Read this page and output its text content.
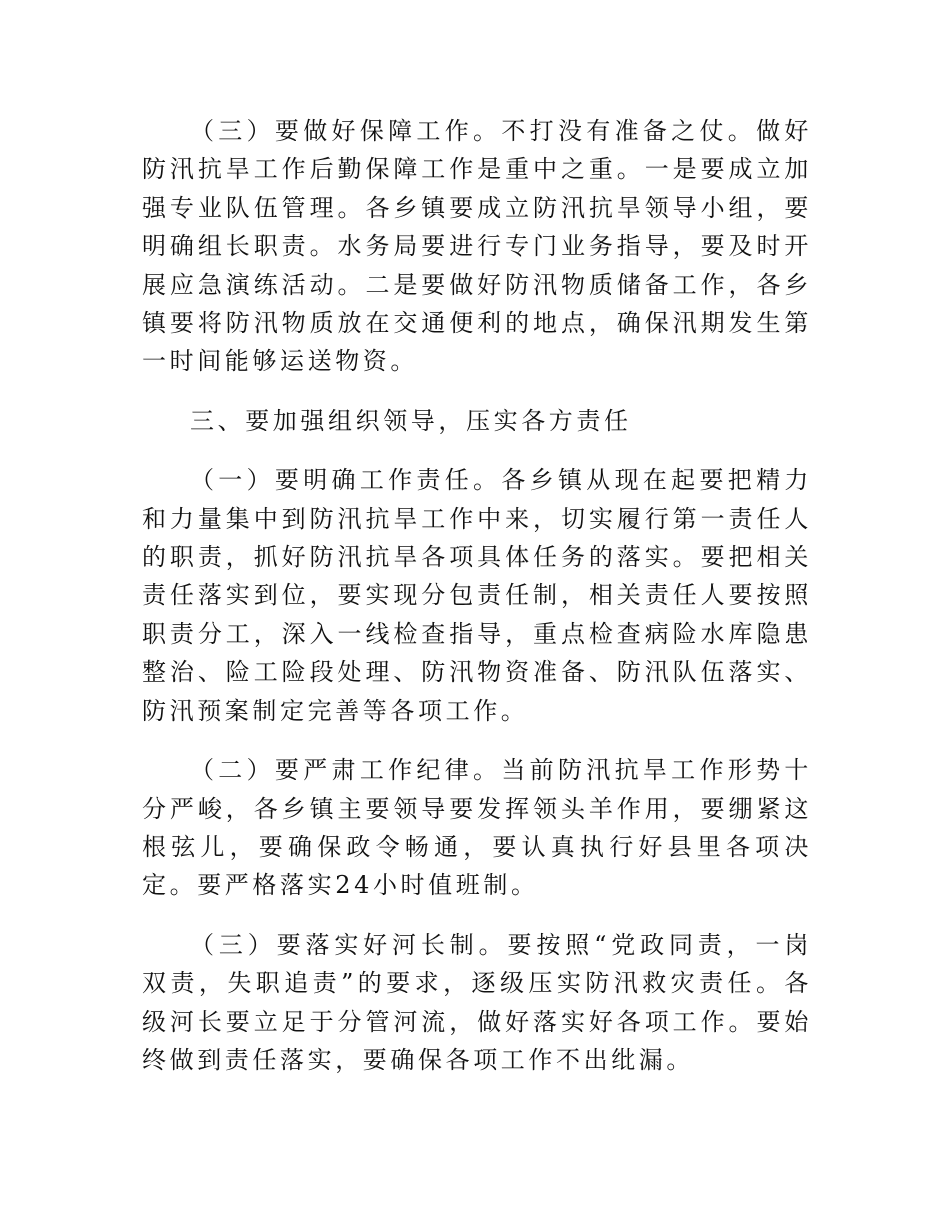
（三）要做好保障工作。不打没有准备之仗。做好防汛抗旱工作后勤保障工作是重中之重。一是要成立加强专业队伍管理。各乡镇要成立防汛抗旱领导小组，要明确组长职责。水务局要进行专门业务指导，要及时开展应急演练活动。二是要做好防汛物质储备工作，各乡镇要将防汛物质放在交通便利的地点，确保汛期发生第一时间能够运送物资。

三、要加强组织领导，压实各方责任

（一）要明确工作责任。各乡镇从现在起要把精力和力量集中到防汛抗旱工作中来，切实履行第一责任人的职责，抓好防汛抗旱各项具体任务的落实。要把相关责任落实到位，要实现分包责任制，相关责任人要按照职责分工，深入一线检查指导，重点检查病险水库隐患整治、险工险段处理、防汛物资准备、防汛队伍落实、防汛预案制定完善等各项工作。

（二）要严肃工作纪律。当前防汛抗旱工作形势十分严峻，各乡镇主要领导要发挥领头羊作用，要绷紧这根弦儿，要确保政令畅通，要认真执行好县里各项决定。要严格落实24小时值班制。

（三）要落实好河长制。要按照“党政同责，一岗双责，失职追责”的要求，逐级压实防汛救灾责任。各级河长要立足于分管河流，做好落实好各项工作。要始终做到责任落实，要确保各项工作不出纰漏。
